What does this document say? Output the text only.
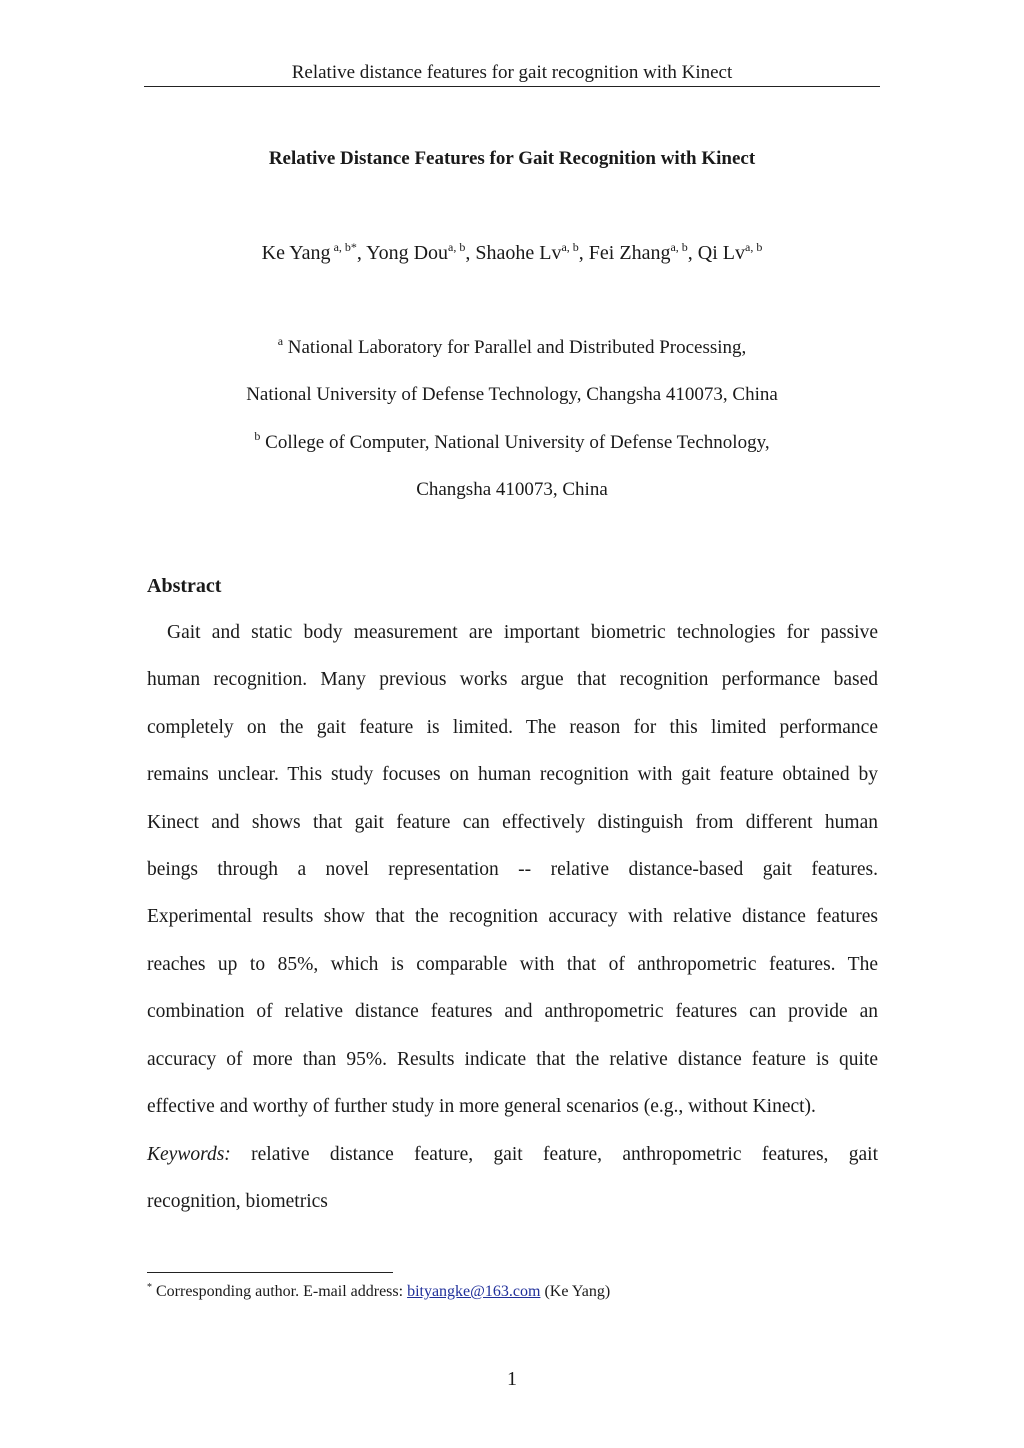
Relative distance features for gait recognition with Kinect
Relative Distance Features for Gait Recognition with Kinect
Ke Yang $^{a, b*}$, Yong Dou$^{a, b}$, Shaohe Lv$^{a, b}$, Fei Zhang$^{a, b}$, Qi Lv$^{a, b}$
$^a$ National Laboratory for Parallel and Distributed Processing,
National University of Defense Technology, Changsha 410073, China
$^b$ College of Computer, National University of Defense Technology,
Changsha 410073, China
Abstract
Gait and static body measurement are important biometric technologies for passive
human recognition. Many previous works argue that recognition performance based
completely on the gait feature is limited. The reason for this limited performance
remains unclear. This study focuses on human recognition with gait feature obtained by
Kinect and shows that gait feature can effectively distinguish from different human
beings through a novel representation -- relative distance-based gait features.
Experimental results show that the recognition accuracy with relative distance features
reaches up to 85%, which is comparable with that of anthropometric features. The
combination of relative distance features and anthropometric features can provide an
accuracy of more than 95%. Results indicate that the relative distance feature is quite
effective and worthy of further study in more general scenarios (e.g., without Kinect).
Keywords: relative distance feature, gait feature, anthropometric features, gait
recognition, biometrics
* Corresponding author. E-mail address: bityangke@163.com (Ke Yang)
1
